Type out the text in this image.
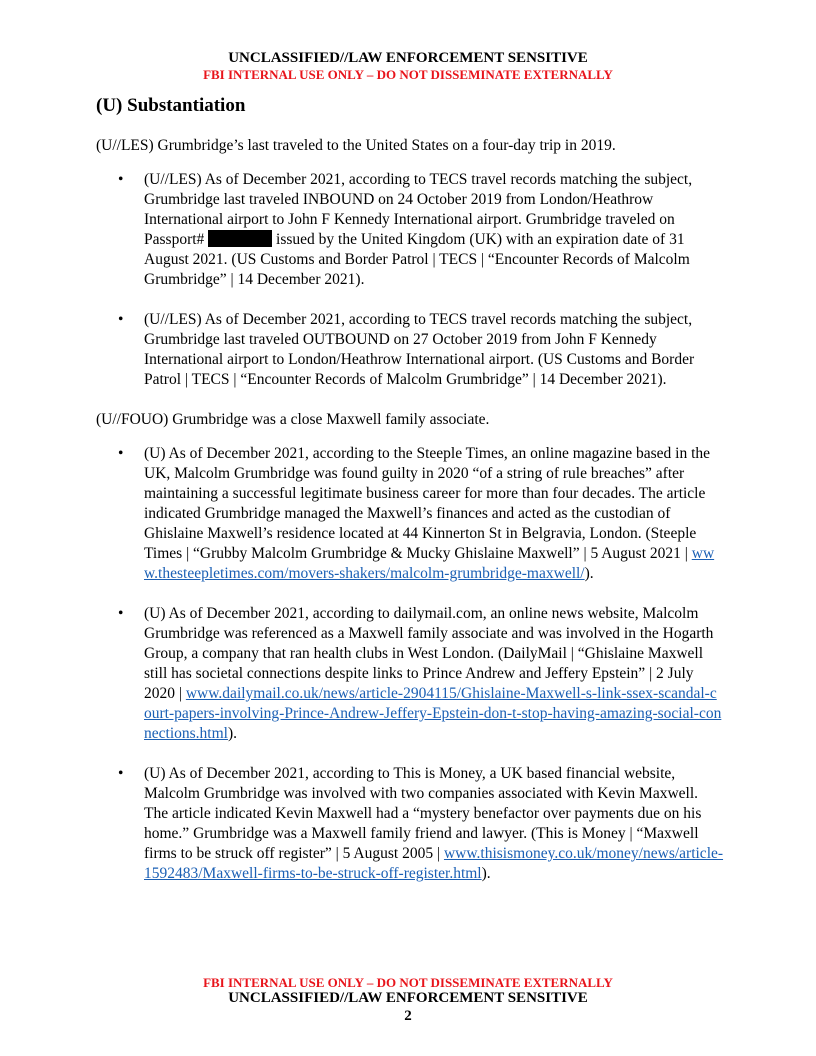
UNCLASSIFIED//LAW ENFORCEMENT SENSITIVE
FBI INTERNAL USE ONLY – DO NOT DISSEMINATE EXTERNALLY
(U) Substantiation

(U//LES) Grumbridge’s last traveled to the United States on a four-day trip in 2019.

• (U//LES) As of December 2021, according to TECS travel records matching the subject, Grumbridge last traveled INBOUND on 24 October 2019 from London/Heathrow International airport to John F Kennedy International airport. Grumbridge traveled on Passport#	issued by the United Kingdom (UK) with an expiration date of 31 August 2021. (US Customs and Border Patrol | TECS | “Encounter Records of Malcolm Grumbridge” | 14 December 2021).
• (U//LES) As of December 2021, according to TECS travel records matching the subject, Grumbridge last traveled OUTBOUND on 27 October 2019 from John F Kennedy International airport to London/Heathrow International airport. (US Customs and Border Patrol | TECS | “Encounter Records of Malcolm Grumbridge” | 14 December 2021).

(U//FOUO) Grumbridge was a close Maxwell family associate.

• (U) As of December 2021, according to the Steeple Times, an online magazine based in the UK, Malcolm Grumbridge was found guilty in 2020 “of a string of rule breaches” after maintaining a successful legitimate business career for more than four decades. The article indicated Grumbridge managed the Maxwell’s finances and acted as the custodian of Ghislaine Maxwell’s residence located at 44 Kinnerton St in Belgravia, London. (Steeple Times | “Grubby Malcolm Grumbridge & Mucky Ghislaine Maxwell” | 5 August 2021 | www.thesteepletimes.com/movers-shakers/malcolm-grumbridge-maxwell/).
• (U) As of December 2021, according to dailymail.com, an online news website, Malcolm Grumbridge was referenced as a Maxwell family associate and was involved in the Hogarth Group, a company that ran health clubs in West London. (DailyMail | “Ghislaine Maxwell still has societal connections despite links to Prince Andrew and Jeffery Epstein” | 2 July 2020 | www.dailymail.co.uk/news/article-2904115/Ghislaine-Maxwell-s-link-ssex-scandal-court-papers-involving-Prince-Andrew-Jeffery-Epstein-don-t-stop-having-amazing-social-connections.html).
• (U) As of December 2021, according to This is Money, a UK based financial website, Malcolm Grumbridge was involved with two companies associated with Kevin Maxwell. The article indicated Kevin Maxwell had a “mystery benefactor over payments due on his home.” Grumbridge was a Maxwell family friend and lawyer. (This is Money | “Maxwell firms to be struck off register” | 5 August 2005 | www.thisismoney.co.uk/money/news/article-1592483/Maxwell-firms-to-be-struck-off-register.html).
FBI INTERNAL USE ONLY – DO NOT DISSEMINATE EXTERNALLY
UNCLASSIFIED//LAW ENFORCEMENT SENSITIVE
2
